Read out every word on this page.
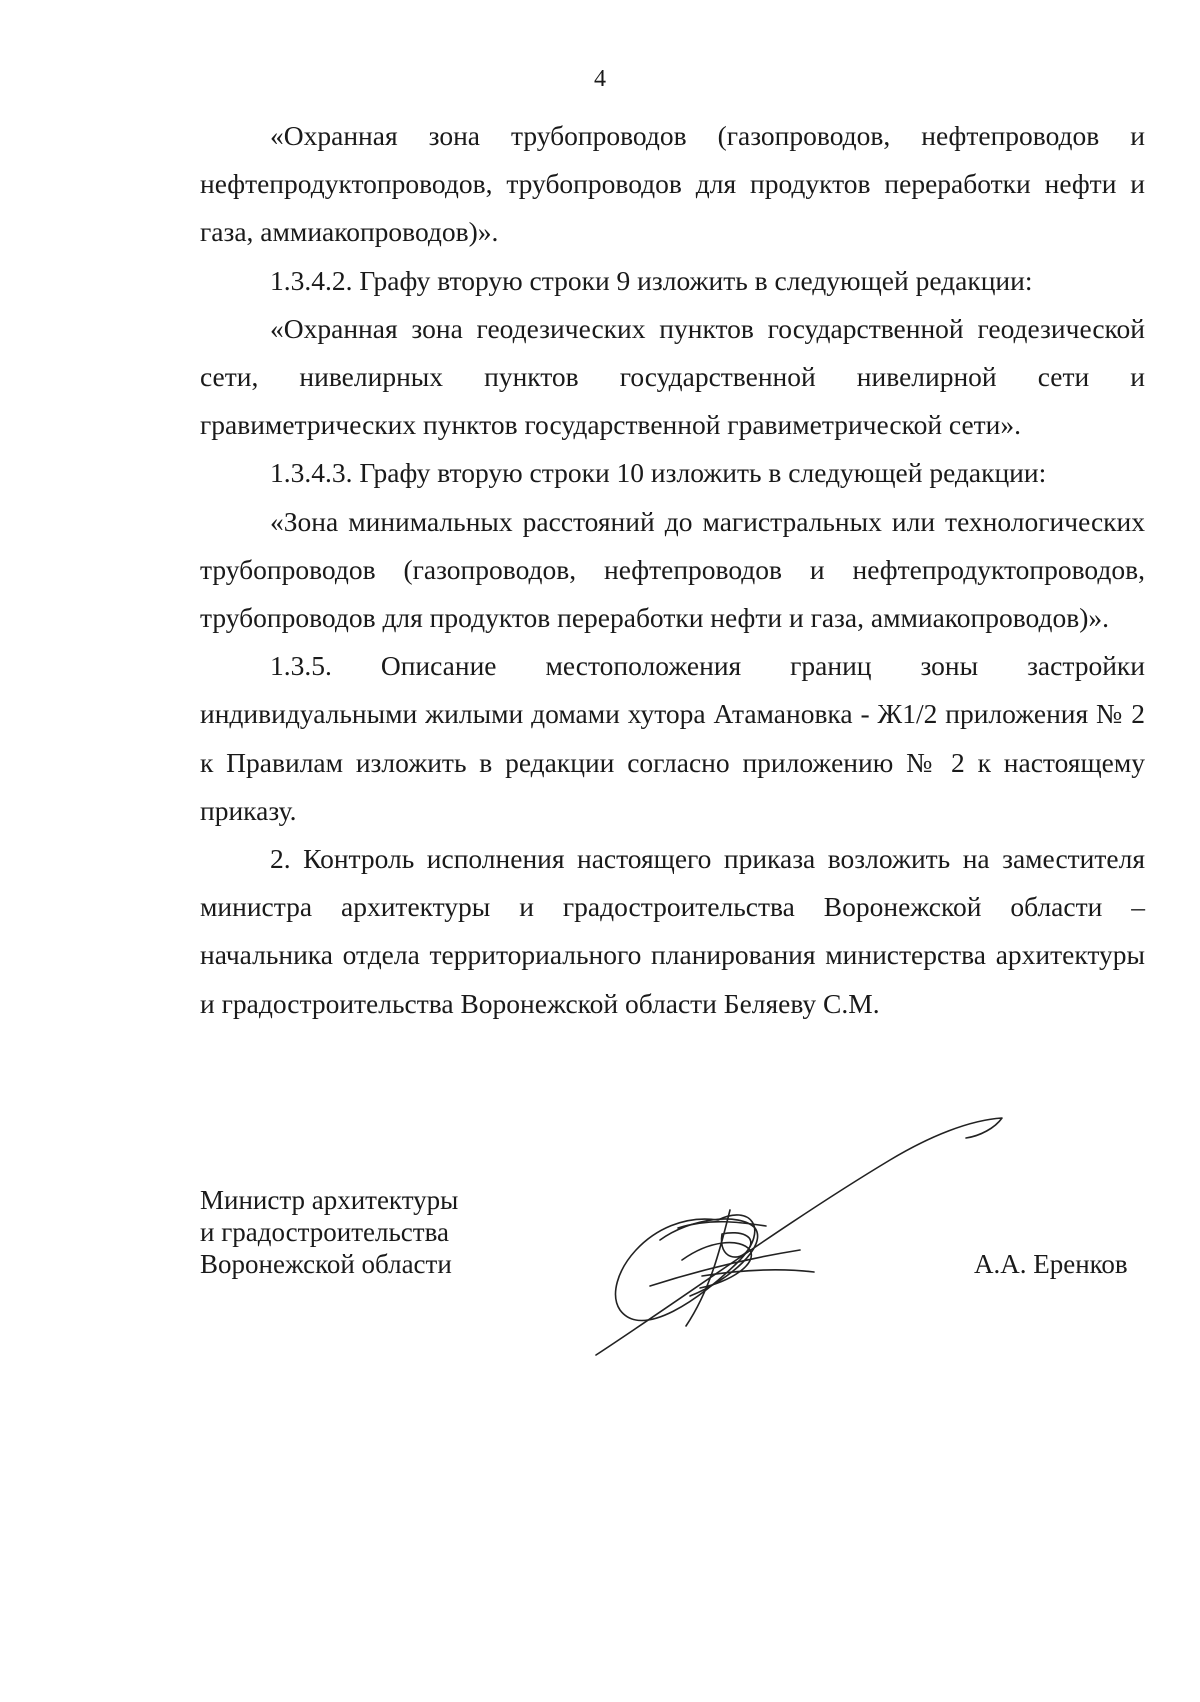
4

«Охранная зона трубопроводов (газопроводов, нефтепроводов и нефтепродуктопроводов, трубопроводов для продуктов переработки нефти и газа, аммиакопроводов)».

1.3.4.2. Графу вторую строки 9 изложить в следующей редакции:

«Охранная зона геодезических пунктов государственной геодезической сети, нивелирных пунктов государственной нивелирной сети и гравиметрических пунктов государственной гравиметрической сети».

1.3.4.3. Графу вторую строки 10 изложить в следующей редакции:

«Зона минимальных расстояний до магистральных или технологических трубопроводов (газопроводов, нефтепроводов и нефтепродуктопроводов, трубопроводов для продуктов переработки нефти и газа, аммиакопроводов)».

1.3.5. Описание местоположения границ зоны застройки индивидуальными жилыми домами хутора Атамановка - Ж1/2 приложения № 2 к Правилам изложить в редакции согласно приложению № 2 к настоящему приказу.

2. Контроль исполнения настоящего приказа возложить на заместителя министра архитектуры и градостроительства Воронежской области – начальника отдела территориального планирования министерства архитектуры и градостроительства Воронежской области Беляеву С.М.

Министр архитектуры
и градостроительства
Воронежской области	А.А. Еренков
